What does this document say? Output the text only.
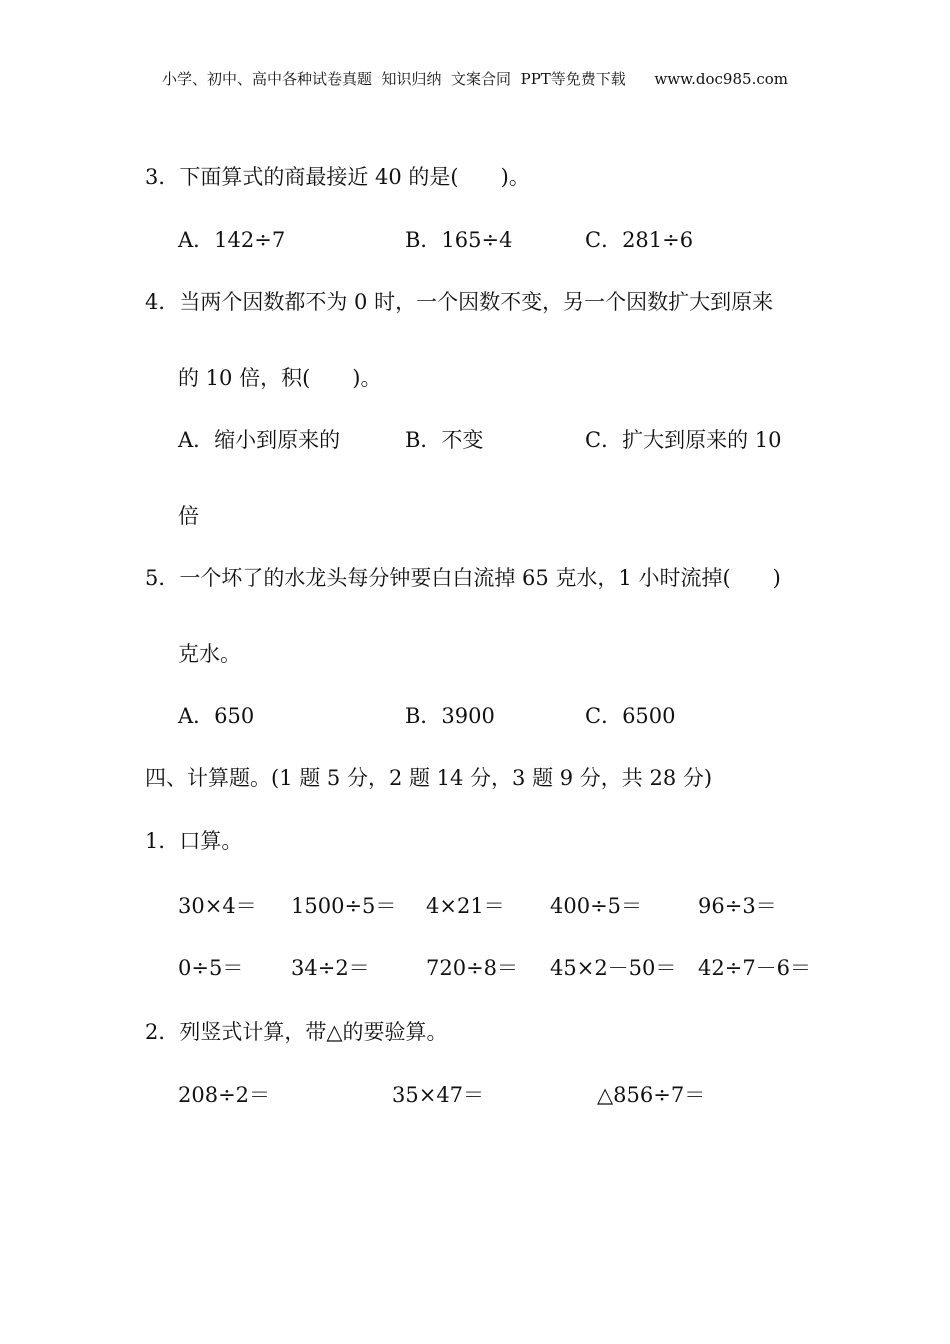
小学、初中、高中各种试卷真题  知识归纳  文案合同  PPT等免费下载      www.doc985.com
3．下面算式的商最接近 40 的是(　　)。
A．142÷7	B．165÷4	C．281÷6
4．当两个因数都不为 0 时，一个因数不变，另一个因数扩大到原来
的 10 倍，积(　　)。
A．缩小到原来的	B．不变	C．扩大到原来的 10
倍
5．一个坏了的水龙头每分钟要白白流掉 65 克水，1 小时流掉(　　)
克水。
A．650	B．3900	C．6500
四、计算题。(1 题 5 分，2 题 14 分，3 题 9 分，共 28 分)
1．口算。
30×4＝ 1500÷5＝ 4×21＝ 400÷5＝	96÷3＝
0÷5＝ 34÷2＝	720÷8＝ 45×2－50＝ 42÷7－6＝
2．列竖式计算，带△的要验算。
208÷2＝	35×47＝	△856÷7＝
